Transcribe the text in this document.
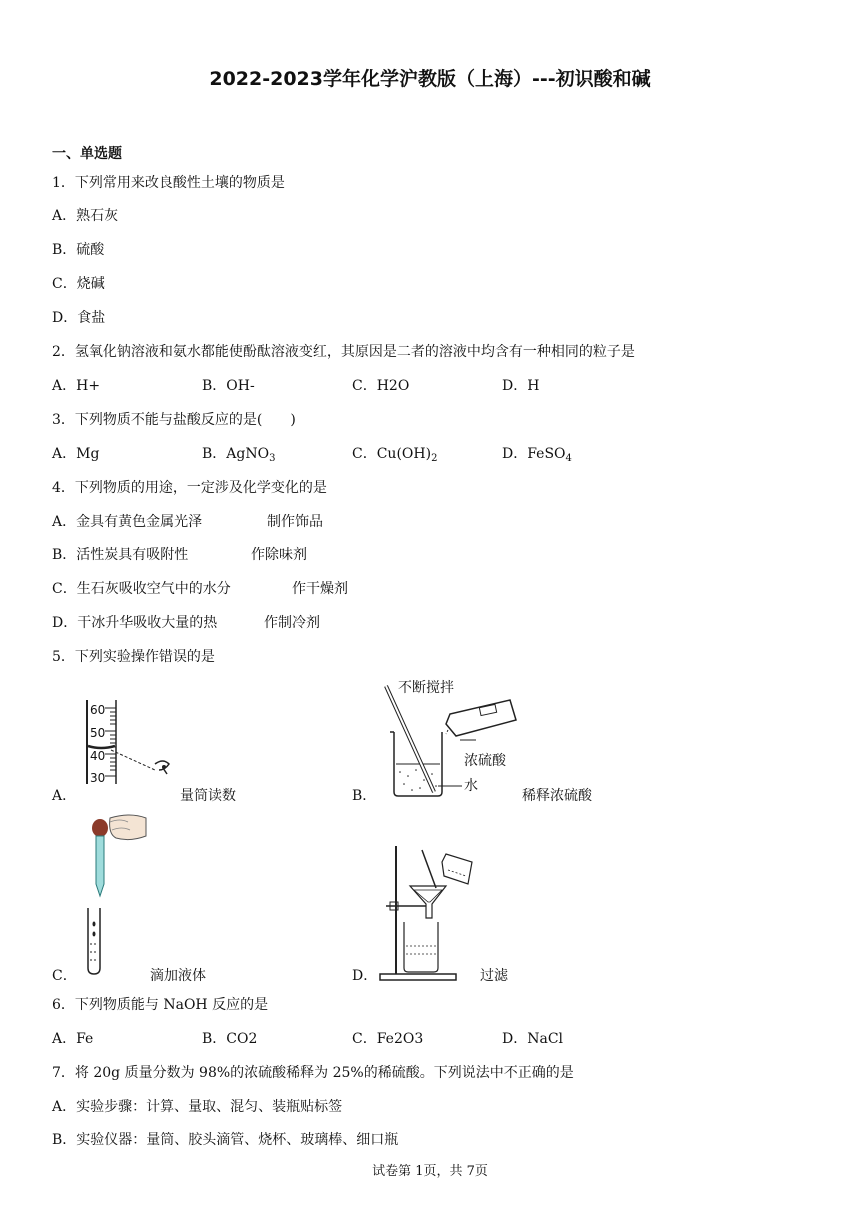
2022-2023学年化学沪教版（上海）---初识酸和碱
一、单选题
1．下列常用来改良酸性土壤的物质是
A．熟石灰
B．硫酸
C．烧碱
D．食盐
2．氢氧化钠溶液和氨水都能使酚酞溶液变红，其原因是二者的溶液中均含有一种相同的粒子是
A．H+	B．OH-	C．H2O	D．H
3．下列物质不能与盐酸反应的是(　　)
A．Mg	B．AgNO$_3$	C．$Cu(OH)_2$	D．FeSO$_4$
4．下列物质的用途，一定涉及化学变化的是
A．金具有黄色金属光泽	制作饰品
B．活性炭具有吸附性	作除味剂
C．生石灰吸收空气中的水分	作干燥剂
D．干冰升华吸收大量的热	作制冷剂
5．下列实验操作错误的是
60
50
40
30
A．	量筒读数
不断搅拌
浓硫酸
水
B．	稀释浓硫酸
C．	滴加液体	D．	过滤
6．下列物质能与 NaOH 反应的是
A．Fe	B．CO2	C．Fe2O3	D．NaCl
7．将 20g 质量分数为 98%的浓硫酸稀释为 25%的稀硫酸。下列说法中不正确的是
A．实验步骤：计算、量取、混匀、装瓶贴标签
B．实验仪器：量筒、胶头滴管、烧杯、玻璃棒、细口瓶
试卷第 1页，共 7页
